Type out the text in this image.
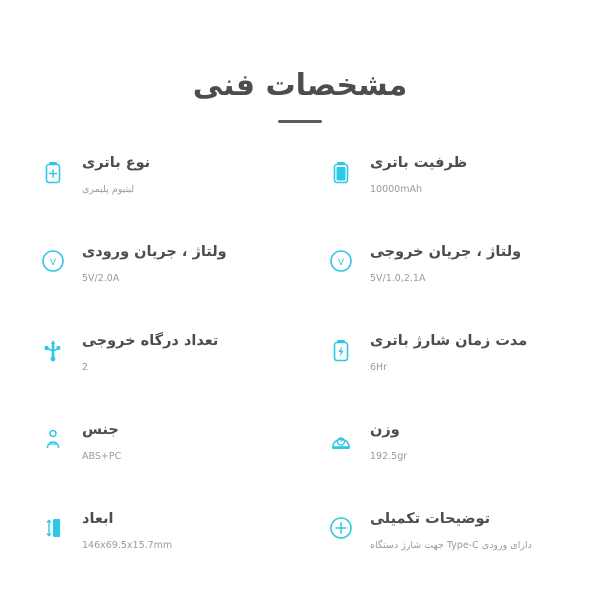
مشخصات فنی
ظرفیت باتری
10000mAh
نوع باتری
لیتیوم پلیمری
ولتاژ ، جریان خروجی
5V/1.0,2.1A
V
ولتاژ ، جریان ورودی
5V/2.0A
V
مدت زمان شارژ باتری
6Hr
تعداد درگاه خروجی
2
وزن
192.5gr
جنس
ABS+PC
توضیحات تکمیلی
دارای ورودی Type-C جهت شارژ دستگاه
ابعاد
146x69.5x15.7mm
